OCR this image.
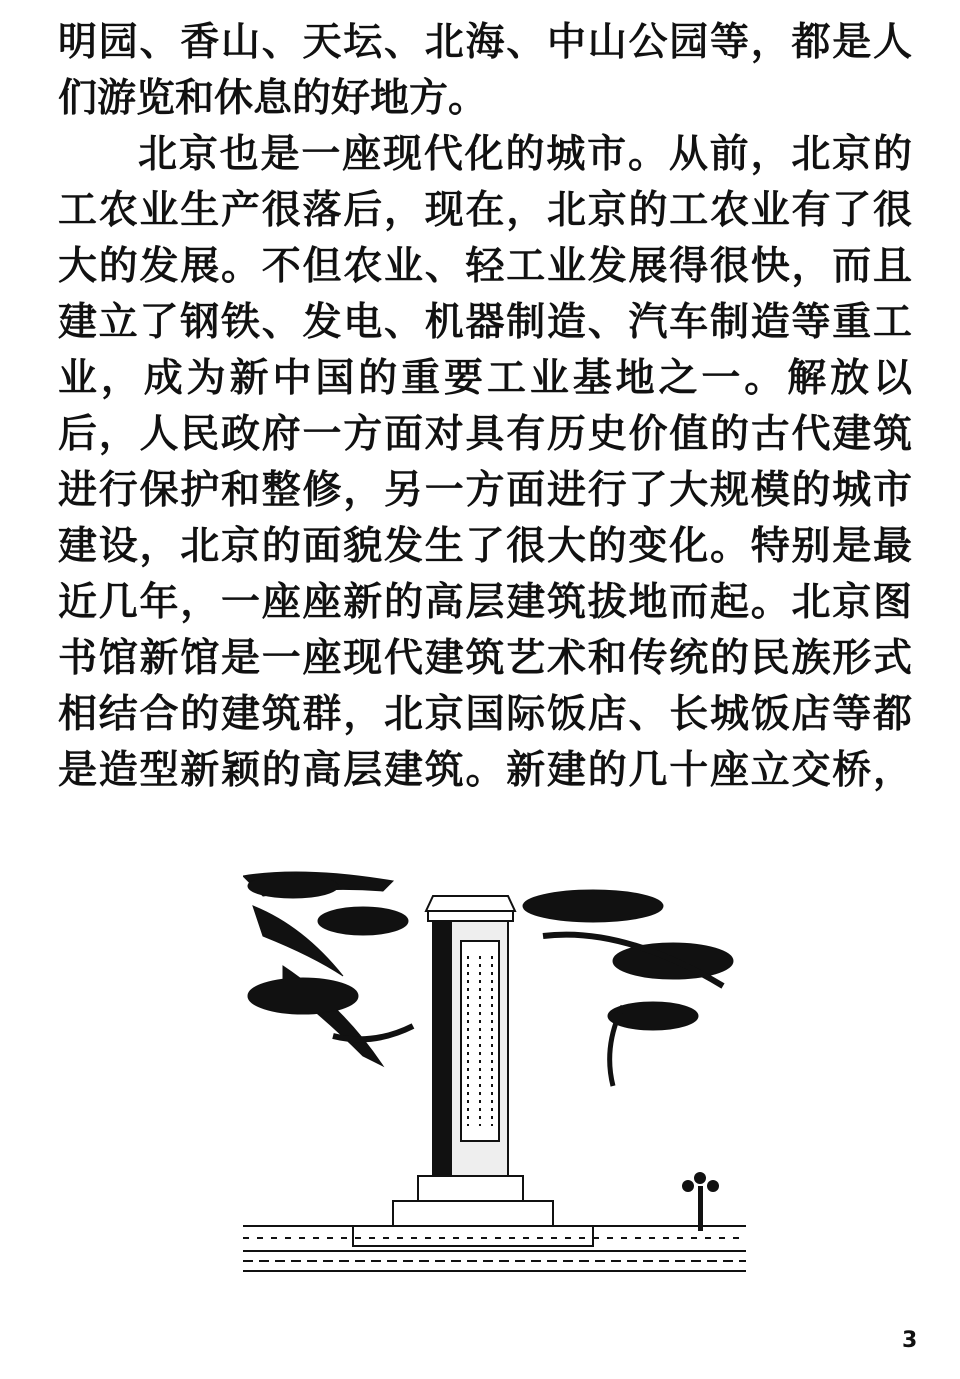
明园、香山、天坛、北海、中山公园等，都是人
们游览和休息的好地方。
北京也是一座现代化的城市。从前，北京的
工农业生产很落后，现在，北京的工农业有了很
大的发展。不但农业、轻工业发展得很快，而且
建立了钢铁、发电、机器制造、汽车制造等重工
业，成为新中国的重要工业基地之一。解放以
后，人民政府一方面对具有历史价值的古代建筑
进行保护和整修，另一方面进行了大规模的城市
建设，北京的面貌发生了很大的变化。特别是最
近几年，一座座新的高层建筑拔地而起。北京图
书馆新馆是一座现代建筑艺术和传统的民族形式
相结合的建筑群，北京国际饭店、长城饭店等都
是造型新颖的高层建筑。新建的几十座立交桥，
3
